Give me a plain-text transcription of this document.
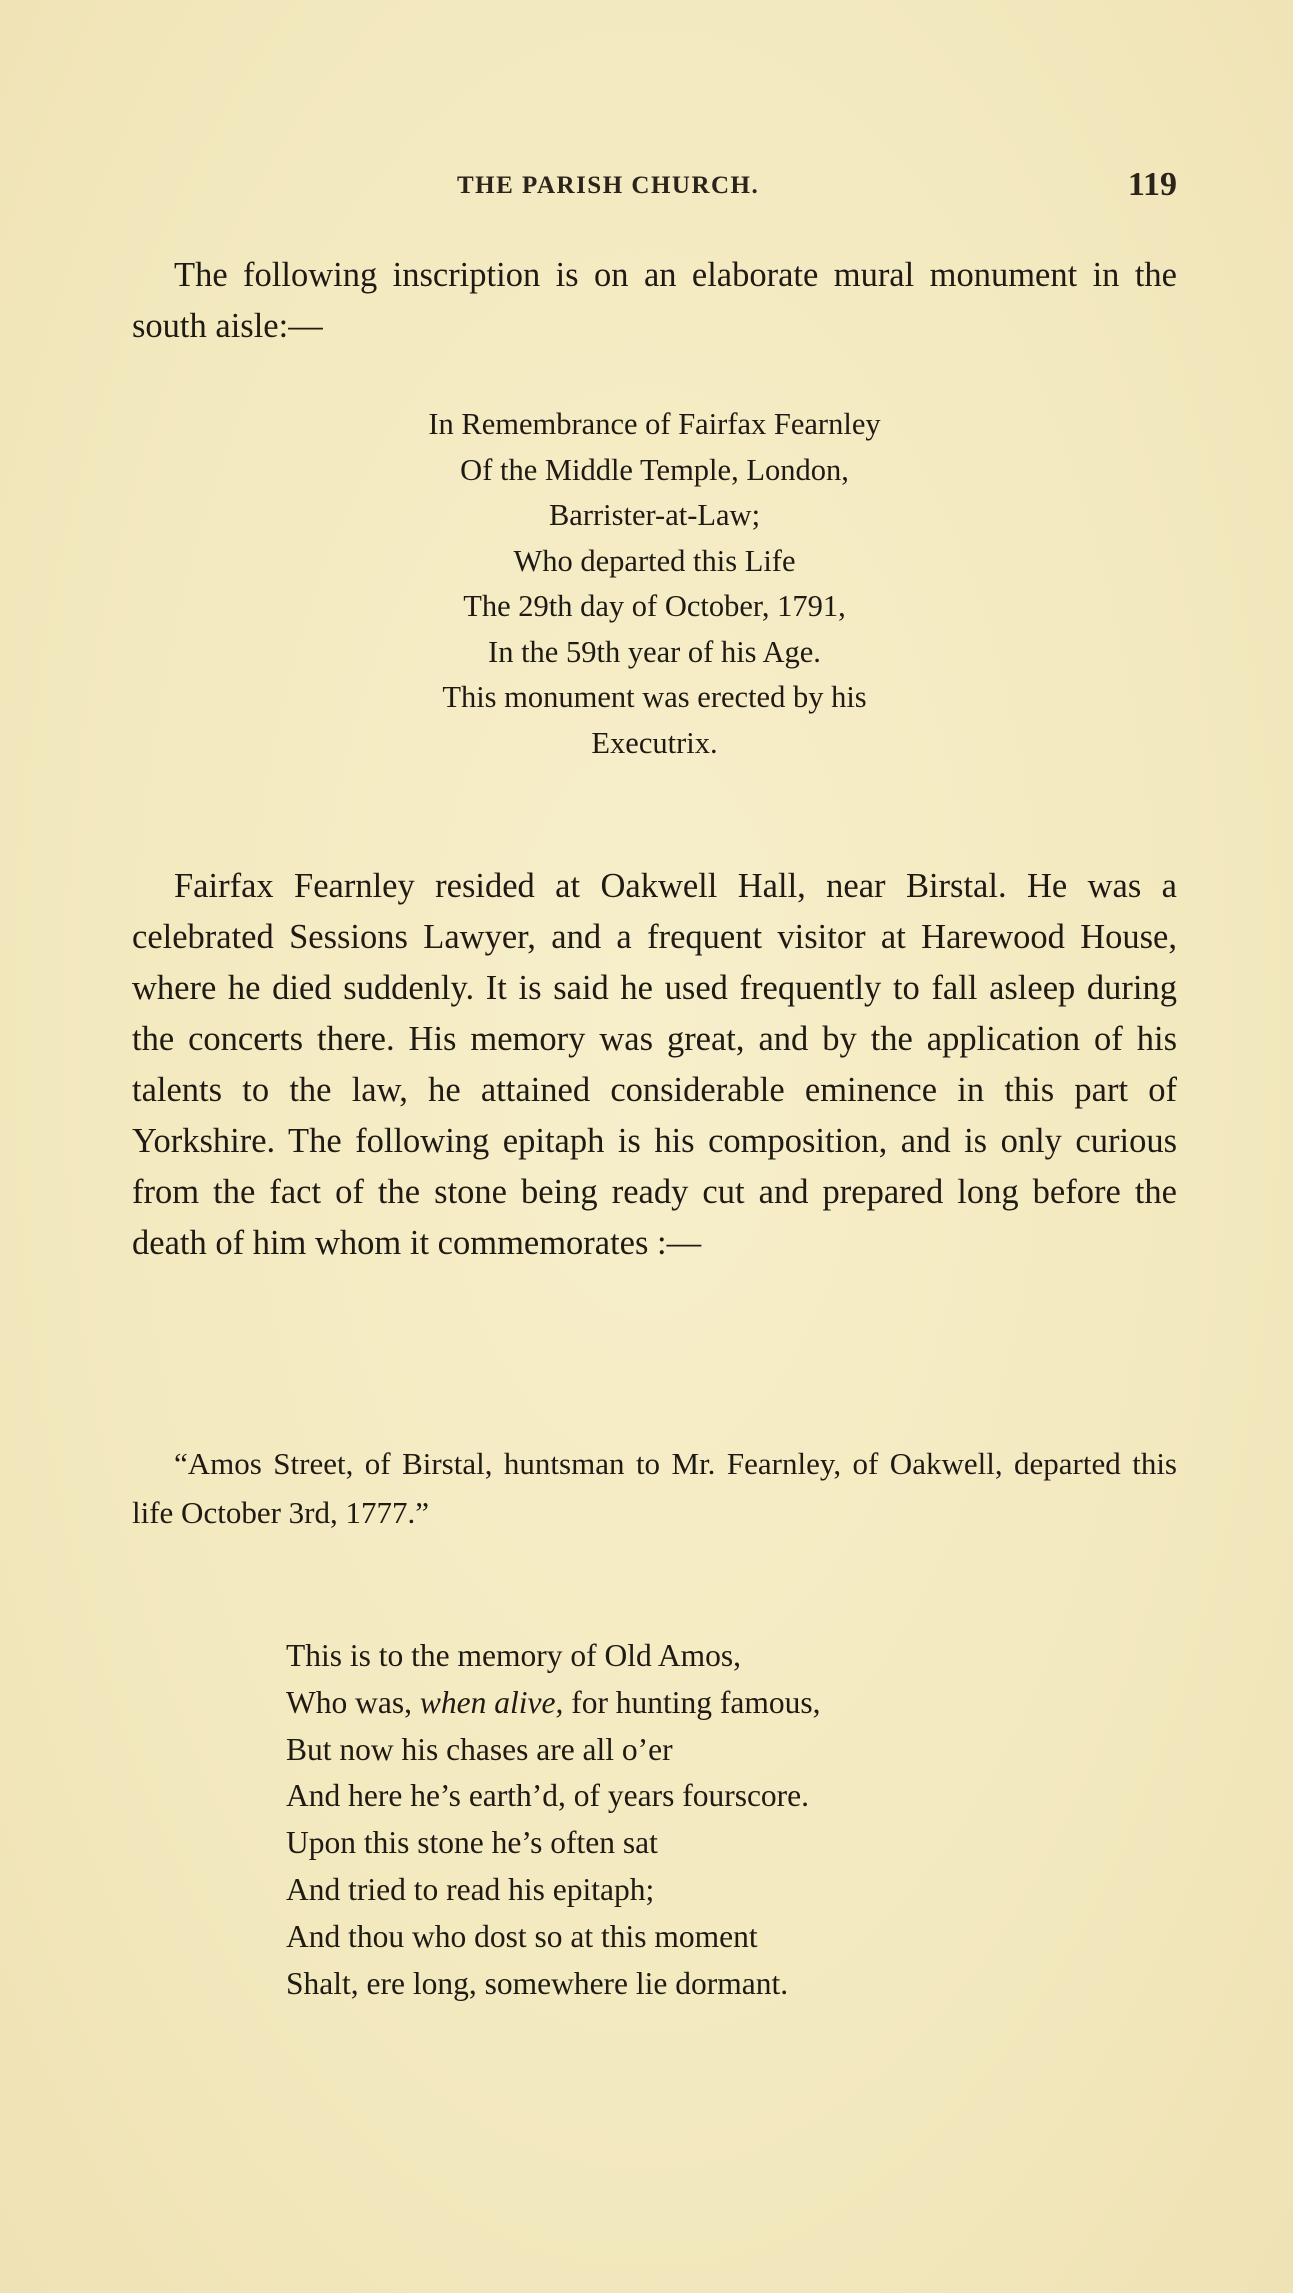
THE PARISH CHURCH.	119

The following inscription is on an elaborate mural monument in the south aisle:—

In Remembrance of Fairfax Fearnley
Of the Middle Temple, London,
Barrister-at-Law;
Who departed this Life
The 29th day of October, 1791,
In the 59th year of his Age.
This monument was erected by his
Executrix.

Fairfax Fearnley resided at Oakwell Hall, near Birstal. He was a celebrated Sessions Lawyer, and a frequent visitor at Harewood House, where he died suddenly. It is said he used frequently to fall asleep during the concerts there. His memory was great, and by the application of his talents to the law, he attained considerable eminence in this part of Yorkshire. The following epitaph is his composition, and is only curious from the fact of the stone being ready cut and prepared long before the death of him whom it commemorates :—

“Amos Street, of Birstal, huntsman to Mr. Fearnley, of Oakwell, departed this life October 3rd, 1777.”

This is to the memory of Old Amos,
Who was, when alive, for hunting famous,
But now his chases are all o’er
And here he’s earth’d, of years fourscore.
Upon this stone he’s often sat
And tried to read his epitaph;
And thou who dost so at this moment
Shalt, ere long, somewhere lie dormant.
